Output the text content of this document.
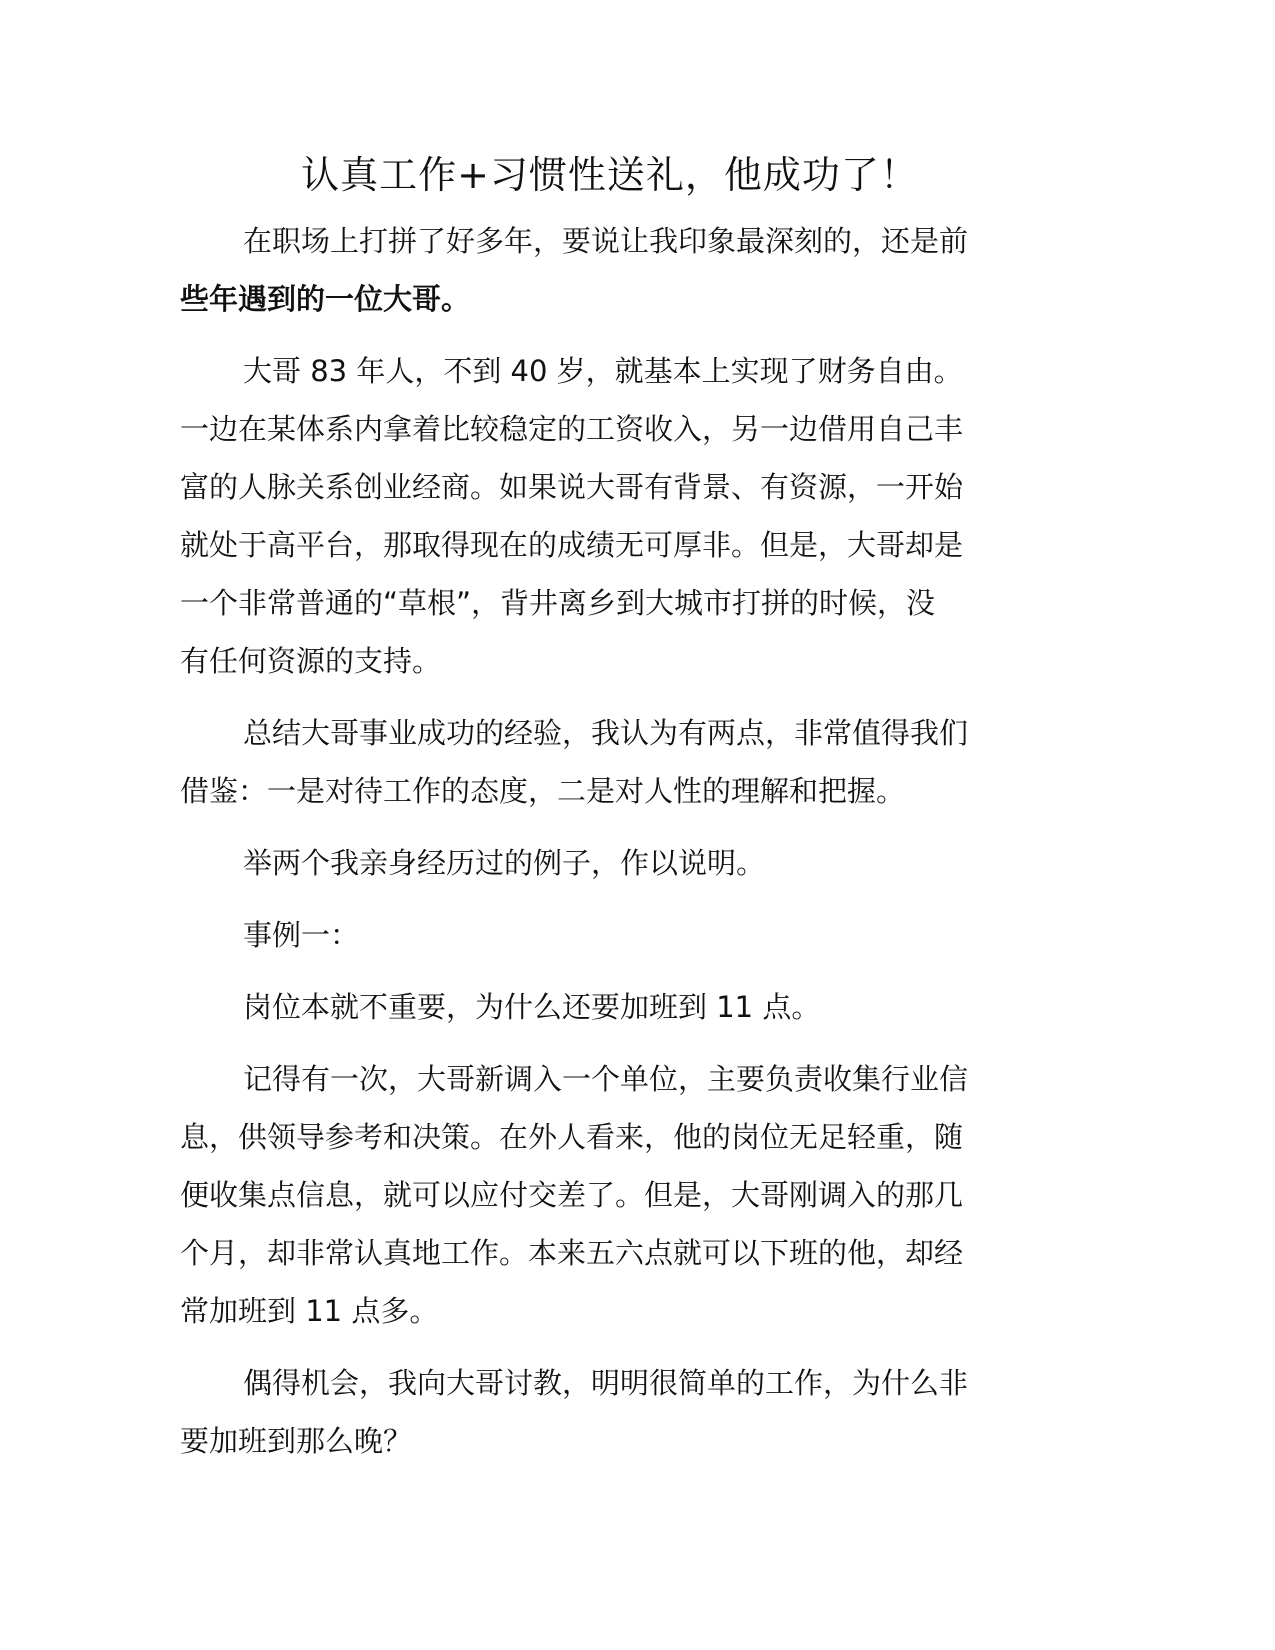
认真工作+习惯性送礼，他成功了！

在职场上打拼了好多年，要说让我印象最深刻的，还是前
些年遇到的一位大哥。

大哥 83 年人，不到 40 岁，就基本上实现了财务自由。
一边在某体系内拿着比较稳定的工资收入，另一边借用自己丰
富的人脉关系创业经商。如果说大哥有背景、有资源，一开始
就处于高平台，那取得现在的成绩无可厚非。但是，大哥却是
一个非常普通的“草根”，背井离乡到大城市打拼的时候，没
有任何资源的支持。

总结大哥事业成功的经验，我认为有两点，非常值得我们
借鉴：一是对待工作的态度，二是对人性的理解和把握。

举两个我亲身经历过的例子，作以说明。

事例一：

岗位本就不重要，为什么还要加班到 11 点。

记得有一次，大哥新调入一个单位，主要负责收集行业信
息，供领导参考和决策。在外人看来，他的岗位无足轻重，随
便收集点信息，就可以应付交差了。但是，大哥刚调入的那几
个月，却非常认真地工作。本来五六点就可以下班的他，却经
常加班到 11 点多。

偶得机会，我向大哥讨教，明明很简单的工作，为什么非
要加班到那么晚？
